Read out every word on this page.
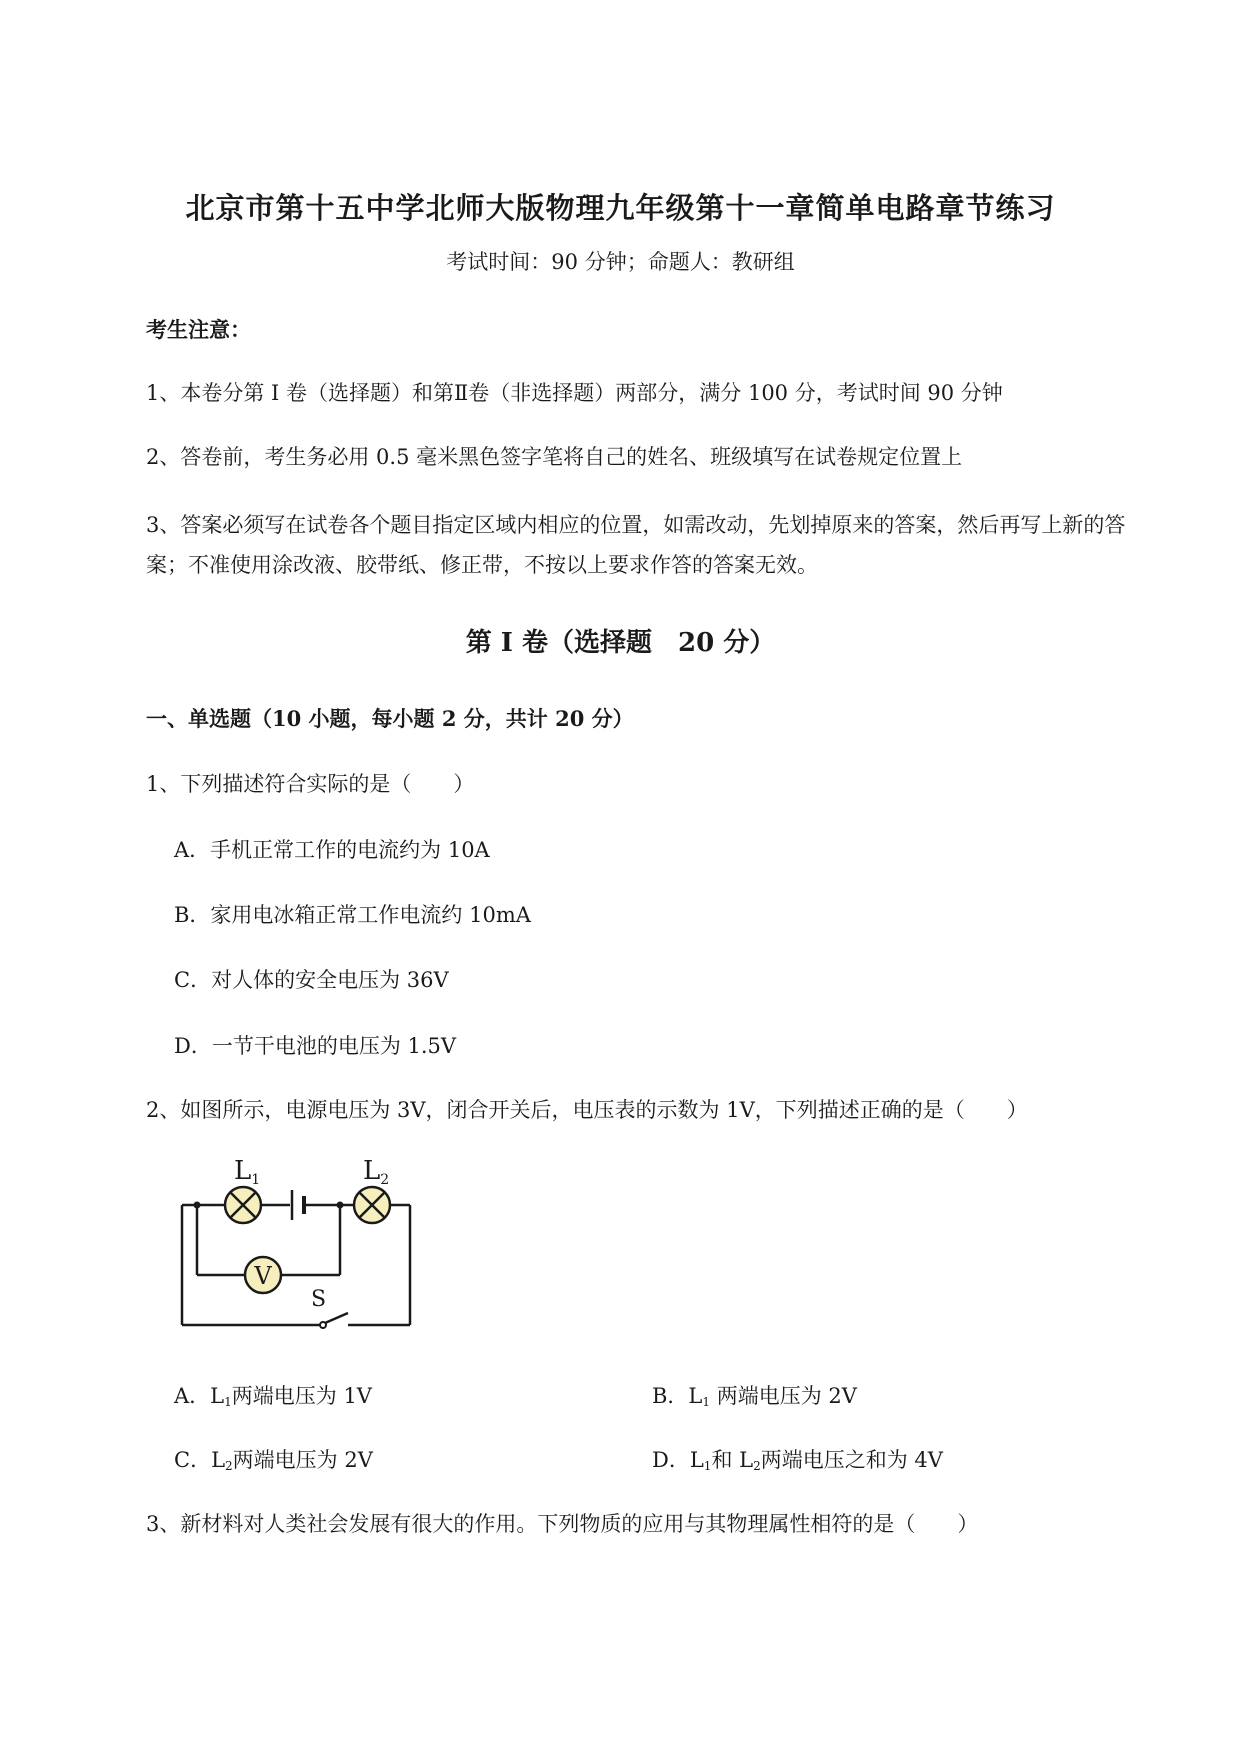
北京市第十五中学北师大版物理九年级第十一章简单电路章节练习
考试时间：90 分钟；命题人：教研组
考生注意：
1、本卷分第 I 卷（选择题）和第Ⅱ卷（非选择题）两部分，满分 100 分，考试时间 90 分钟
2、答卷前，考生务必用 0.5 毫米黑色签字笔将自己的姓名、班级填写在试卷规定位置上
3、答案必须写在试卷各个题目指定区域内相应的位置，如需改动，先划掉原来的答案，然后再写上新的答案；不准使用涂改液、胶带纸、修正带，不按以上要求作答的答案无效。
第 I 卷（选择题　20 分）
一、单选题（10 小题，每小题 2 分，共计 20 分）
1、下列描述符合实际的是（　　）
A．手机正常工作的电流约为 10A
B．家用电冰箱正常工作电流约 10mA
C．对人体的安全电压为 36V
D．一节干电池的电压为 1.5V
2、如图所示，电源电压为 3V，闭合开关后，电压表的示数为 1V，下列描述正确的是（　　）
V
S
L1	L2
A．$L_1$两端电压为 1V	B．$L_1$ 两端电压为 2V
C．$L_2$两端电压为 2V	D．$L_1$和 $L_2$两端电压之和为 4V
3、新材料对人类社会发展有很大的作用。下列物质的应用与其物理属性相符的是（　　）
